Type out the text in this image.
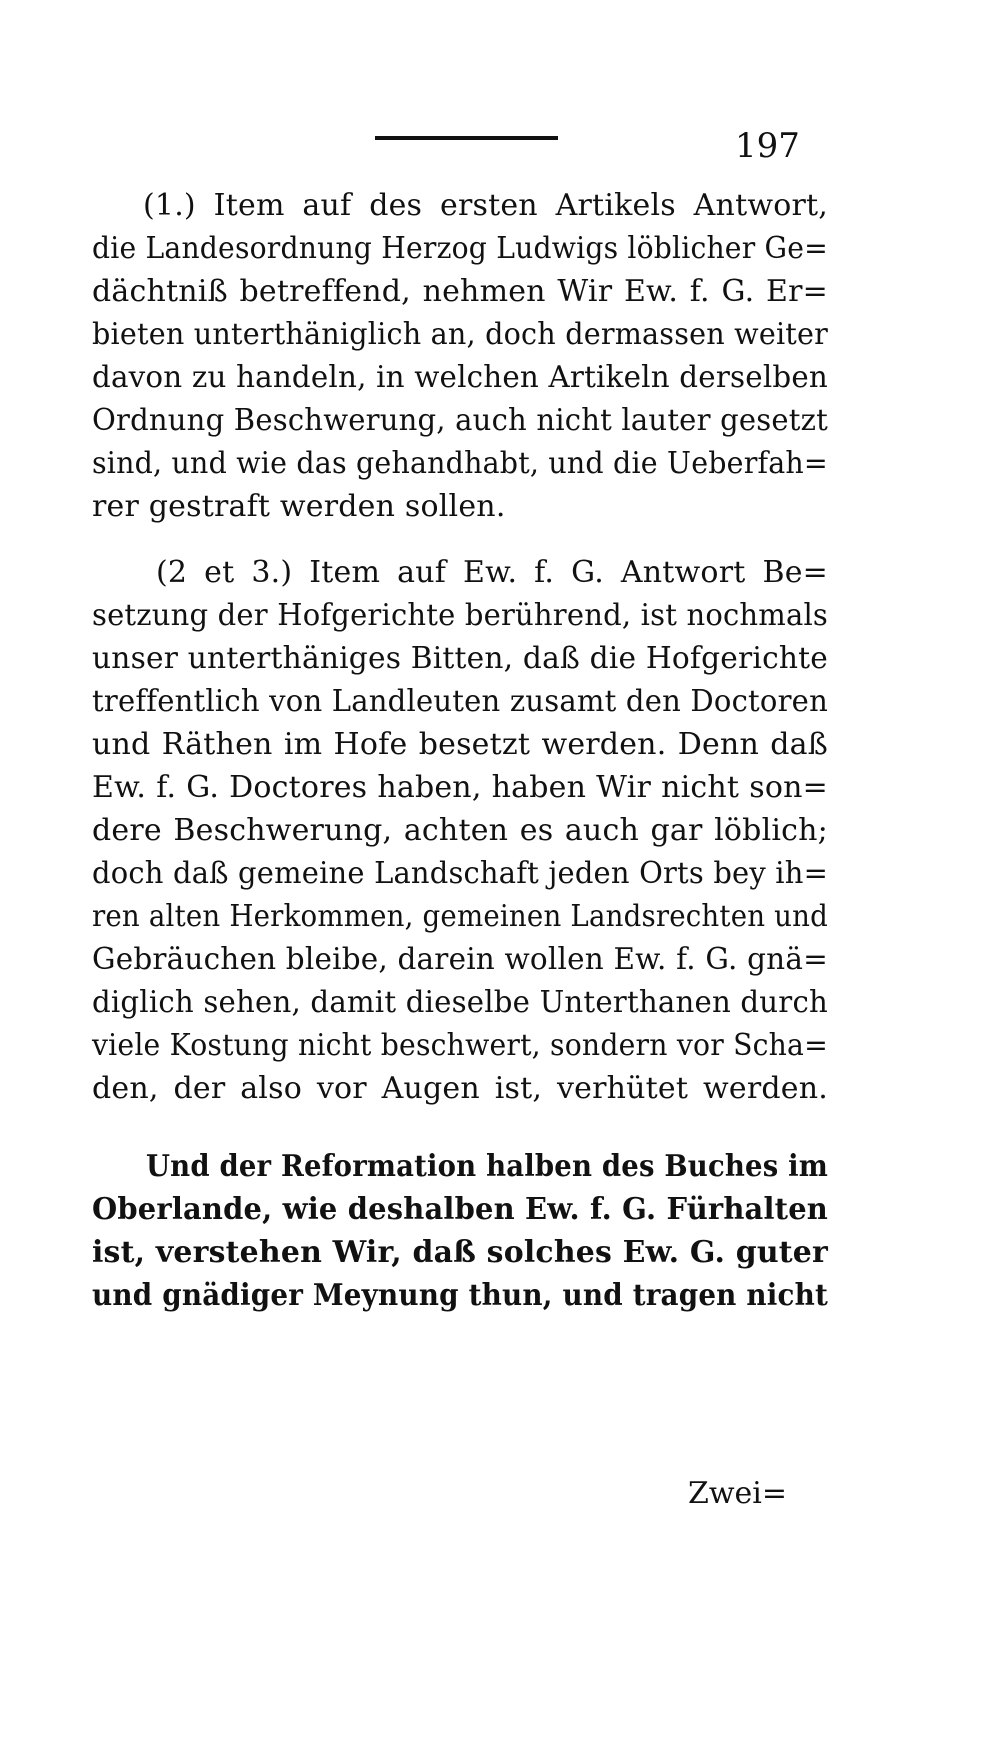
197
(1.) Item auf des ersten Artikels Antwort,
die Landesordnung Herzog Ludwigs löblicher Ge=
dächtniß betreffend, nehmen Wir Ew. f. G. Er=
bieten unterthäniglich an, doch dermassen weiter
davon zu handeln, in welchen Artikeln derselben
Ordnung Beschwerung, auch nicht lauter gesetzt
sind, und wie das gehandhabt, und die Ueberfah=
rer gestraft werden sollen.
(2 et 3.) Item auf Ew. f. G. Antwort Be=
setzung der Hofgerichte berührend, ist nochmals
unser unterthäniges Bitten, daß die Hofgerichte
treffentlich von Landleuten zusamt den Doctoren
und Räthen im Hofe besetzt werden. Denn daß
Ew. f. G. Doctores haben, haben Wir nicht son=
dere Beschwerung, achten es auch gar löblich;
doch daß gemeine Landschaft jeden Orts bey ih=
ren alten Herkommen, gemeinen Landsrechten und
Gebräuchen bleibe, darein wollen Ew. f. G. gnä=
diglich sehen, damit dieselbe Unterthanen durch
viele Kostung nicht beschwert, sondern vor Scha=
den, der also vor Augen ist, verhütet werden.
Und der Reformation halben des Buches im
Oberlande, wie deshalben Ew. f. G. Fürhalten
ist, verstehen Wir, daß solches Ew. G. guter
und gnädiger Meynung thun, und tragen nicht
Zwei=
